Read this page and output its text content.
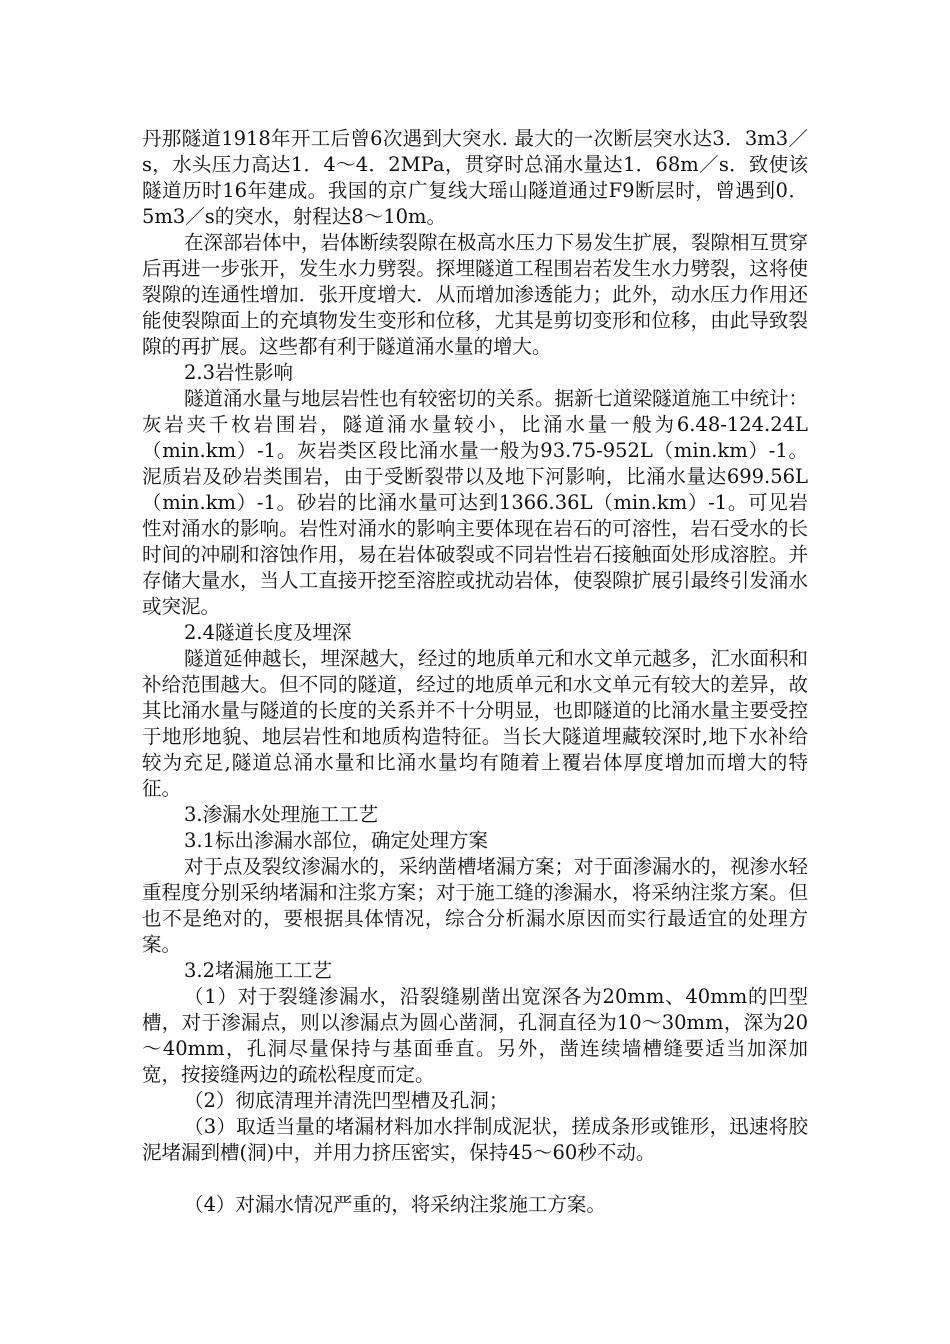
丹那隧道1918年开工后曾6次遇到大突水. 最大的一次断层突水达3．3m3／s，水头压力高达1．4～4．2MPa，贯穿时总涌水量达1．68m／s．致使该隧道历时16年建成。我国的京广复线大瑶山隧道通过F9断层时，曾遇到0．5m3／s的突水，射程达8～10m。

在深部岩体中，岩体断续裂隙在极高水压力下易发生扩展，裂隙相互贯穿后再进一步张开，发生水力劈裂。探埋隧道工程围岩若发生水力劈裂，这将使裂隙的连通性增加．张开度增大．从而增加渗透能力；此外，动水压力作用还能使裂隙面上的充填物发生变形和位移，尤其是剪切变形和位移，由此导致裂隙的再扩展。这些都有利于隧道涌水量的增大。

2.3岩性影响

隧道涌水量与地层岩性也有较密切的关系。据新七道梁隧道施工中统计：灰岩夹千枚岩围岩，隧道涌水量较小，比涌水量一般为6.48-124.24L（min.km）-1。灰岩类区段比涌水量一般为93.75-952L（min.km）-1。泥质岩及砂岩类围岩，由于受断裂带以及地下河影响，比涌水量达699.56L（min.km）-1。砂岩的比涌水量可达到1366.36L（min.km）-1。可见岩性对涌水的影响。岩性对涌水的影响主要体现在岩石的可溶性，岩石受水的长时间的冲刷和溶蚀作用，易在岩体破裂或不同岩性岩石接触面处形成溶腔。并存储大量水，当人工直接开挖至溶腔或扰动岩体，使裂隙扩展引最终引发涌水或突泥。

2.4隧道长度及埋深

隧道延伸越长，埋深越大，经过的地质单元和水文单元越多，汇水面积和补给范围越大。但不同的隧道，经过的地质单元和水文单元有较大的差异，故其比涌水量与隧道的长度的关系并不十分明显，也即隧道的比涌水量主要受控于地形地貌、地层岩性和地质构造特征。当长大隧道埋藏较深时,地下水补给较为充足,隧道总涌水量和比涌水量均有随着上覆岩体厚度增加而增大的特征。

3.渗漏水处理施工工艺

3.1标出渗漏水部位，确定处理方案

对于点及裂纹渗漏水的，采纳凿槽堵漏方案；对于面渗漏水的，视渗水轻重程度分别采纳堵漏和注浆方案；对于施工缝的渗漏水，将采纳注浆方案。但也不是绝对的，要根据具体情况，综合分析漏水原因而实行最适宜的处理方案。

3.2堵漏施工工艺

（1）对于裂缝渗漏水，沿裂缝剔凿出宽深各为20mm、40mm的凹型槽，对于渗漏点，则以渗漏点为圆心凿洞，孔洞直径为10～30mm，深为20～40mm，孔洞尽量保持与基面垂直。另外，凿连续墙槽缝要适当加深加宽，按接缝两边的疏松程度而定。

（2）彻底清理并清洗凹型槽及孔洞；

（3）取适当量的堵漏材料加水拌制成泥状，搓成条形或锥形，迅速将胶泥堵漏到槽(洞)中，并用力挤压密实，保持45～60秒不动。

（4）对漏水情况严重的，将采纳注浆施工方案。
